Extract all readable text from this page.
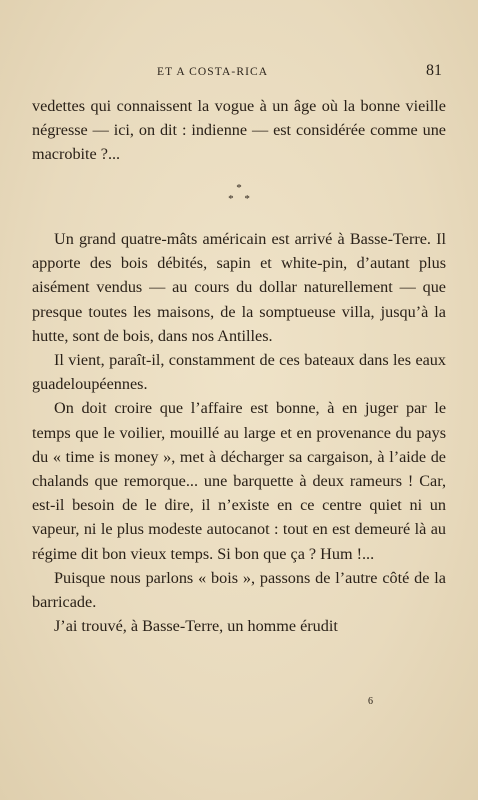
ET A COSTA-RICA	81

vedettes qui connaissent la vogue à un âge où la bonne vieille négresse — ici, on dit : indienne — est considérée comme une macrobite ?...

*
* *

Un grand quatre-mâts américain est arrivé à Basse-Terre. Il apporte des bois débités, sapin et white-pin, d’autant plus aisément vendus — au cours du dollar naturellement — que presque toutes les maisons, de la somptueuse villa, jusqu’à la hutte, sont de bois, dans nos Antilles.

Il vient, paraît-il, constamment de ces bateaux dans les eaux guadeloupéennes.

On doit croire que l’affaire est bonne, à en juger par le temps que le voilier, mouillé au large et en provenance du pays du « time is money », met à décharger sa cargaison, à l’aide de chalands que remorque... une barquette à deux rameurs ! Car, est-il besoin de le dire, il n’existe en ce centre quiet ni un vapeur, ni le plus modeste autocanot : tout en est demeuré là au régime dit bon vieux temps. Si bon que ça ? Hum !...

Puisque nous parlons « bois », passons de l’autre côté de la barricade.

J’ai trouvé, à Basse-Terre, un homme érudit

6
